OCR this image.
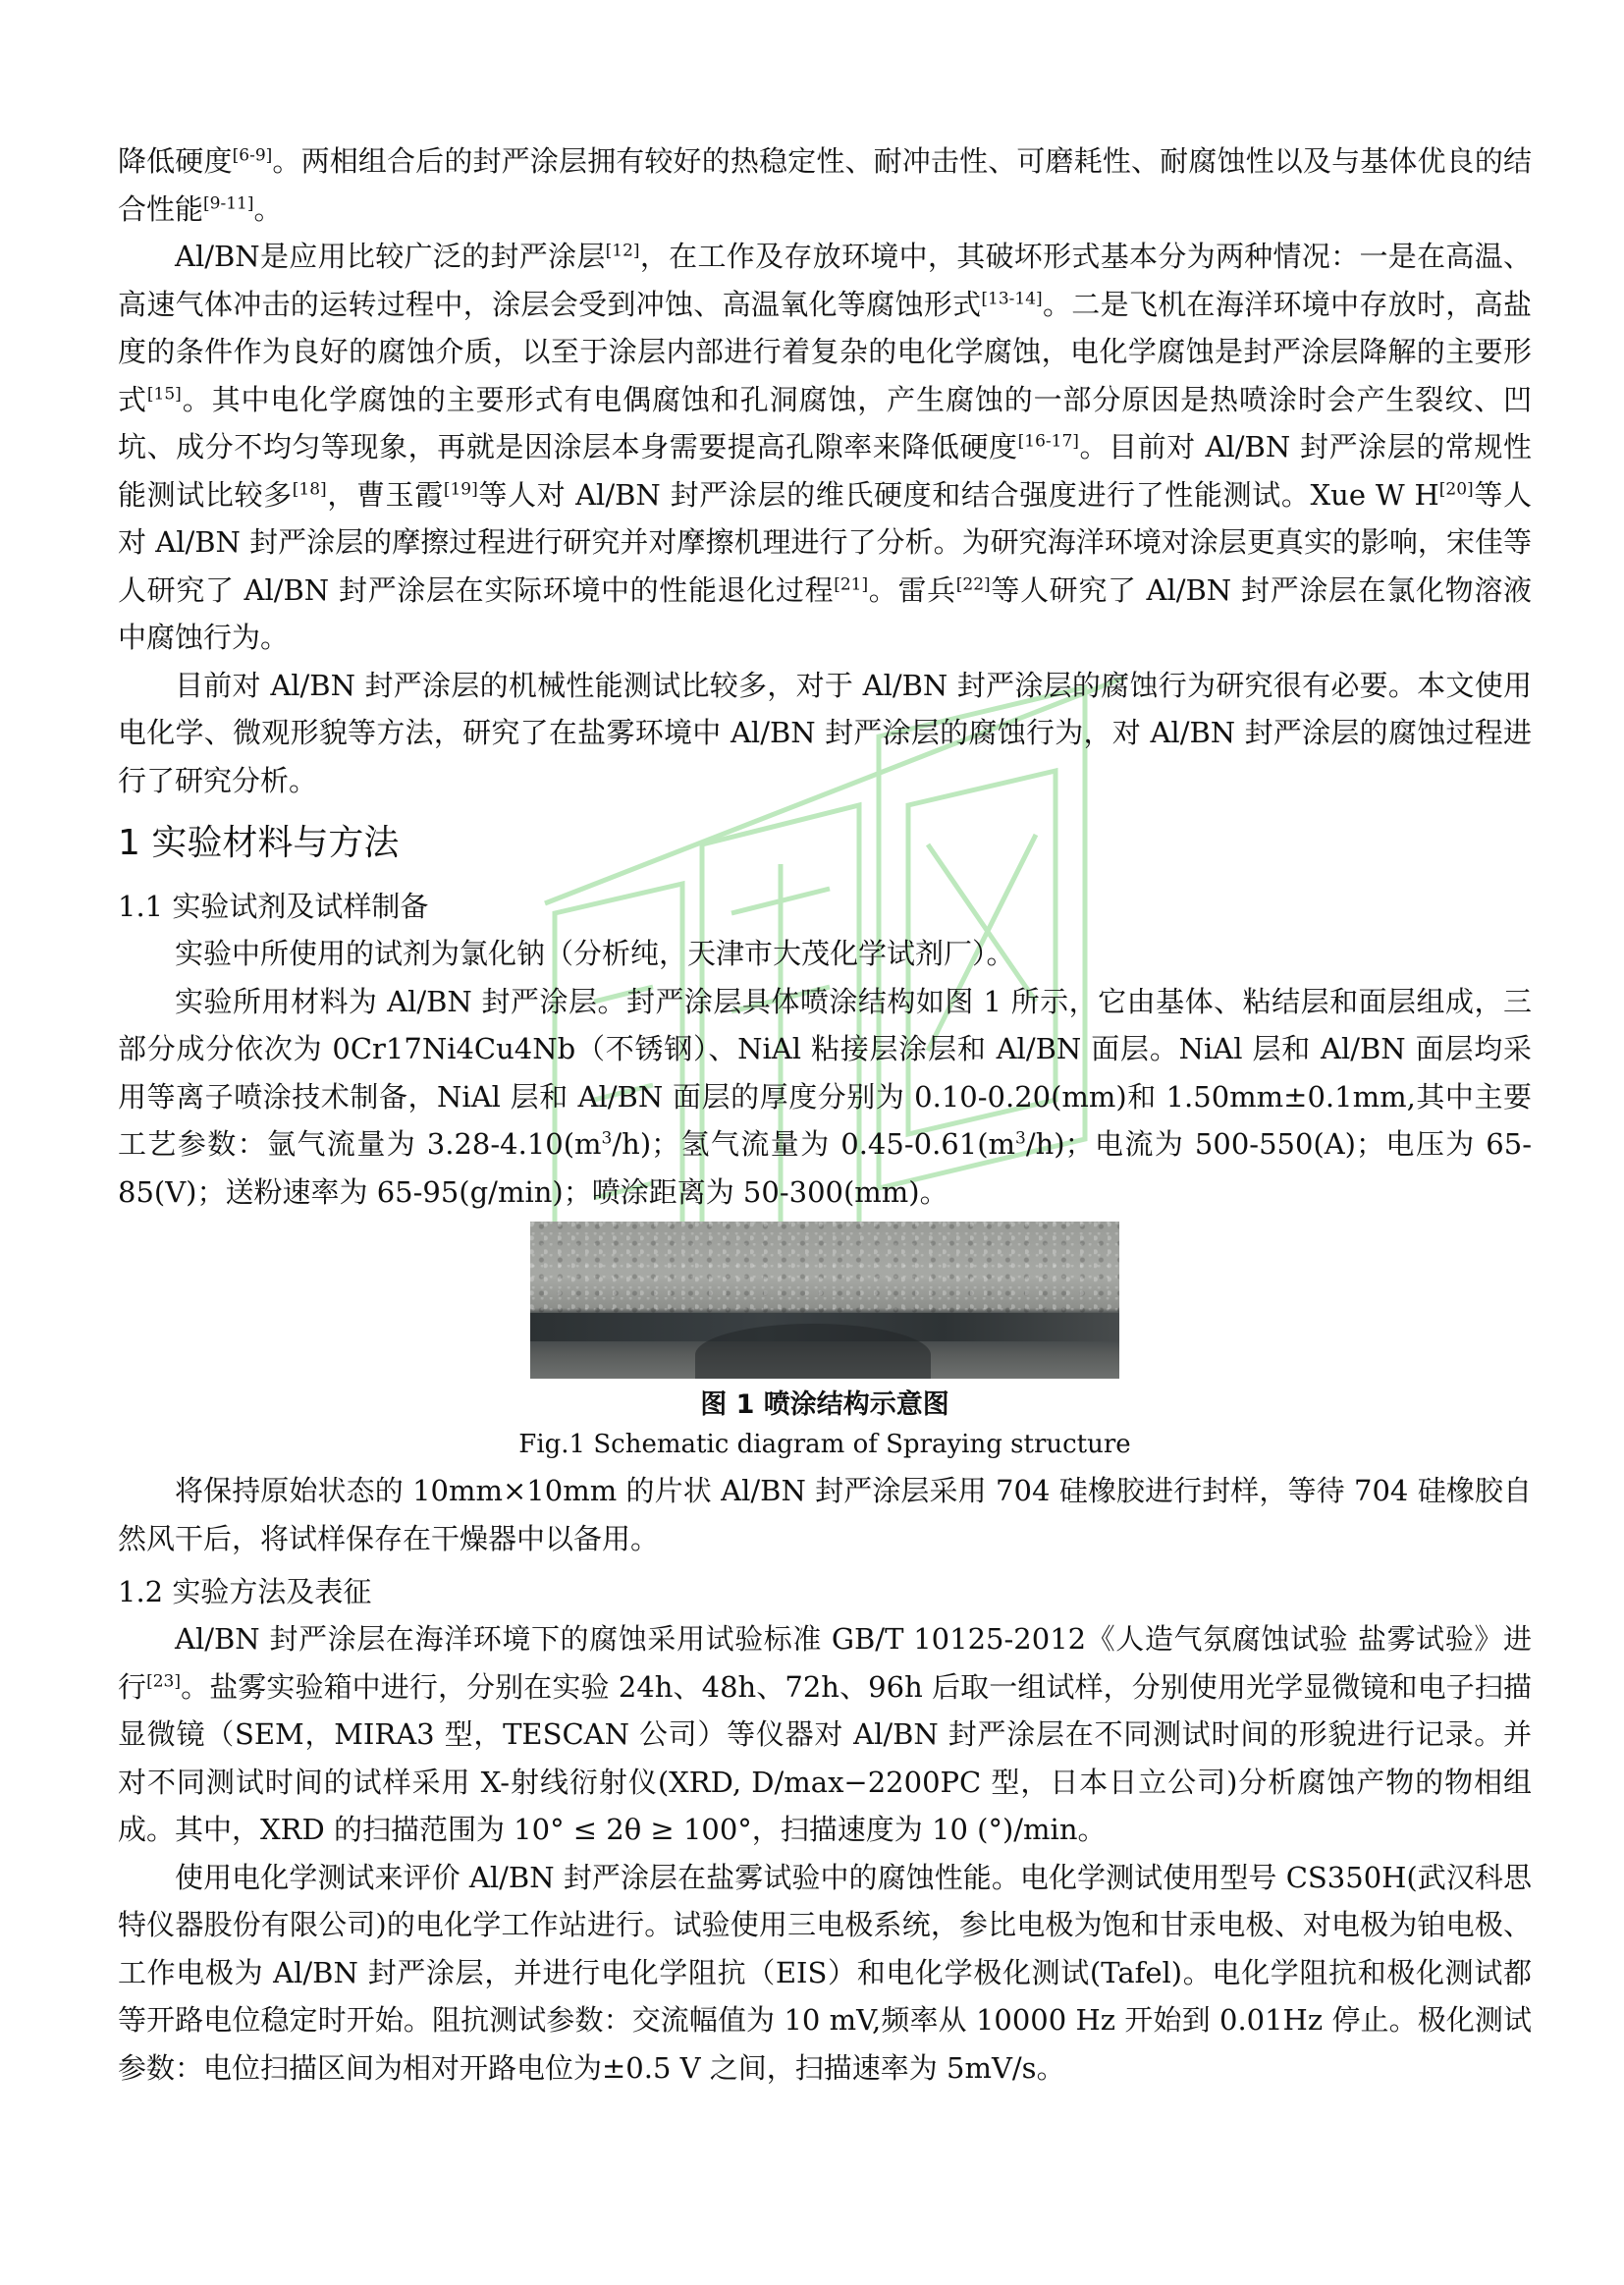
降低硬度[6-9]。两相组合后的封严涂层拥有较好的热稳定性、耐冲击性、可磨耗性、耐腐蚀性以及与基体优良的结合性能[9-11]。

Al/BN是应用比较广泛的封严涂层[12]，在工作及存放环境中，其破坏形式基本分为两种情况：一是在高温、高速气体冲击的运转过程中，涂层会受到冲蚀、高温氧化等腐蚀形式[13-14]。二是飞机在海洋环境中存放时，高盐度的条件作为良好的腐蚀介质，以至于涂层内部进行着复杂的电化学腐蚀，电化学腐蚀是封严涂层降解的主要形式[15]。其中电化学腐蚀的主要形式有电偶腐蚀和孔洞腐蚀，产生腐蚀的一部分原因是热喷涂时会产生裂纹、凹坑、成分不均匀等现象，再就是因涂层本身需要提高孔隙率来降低硬度[16-17]。目前对 Al/BN 封严涂层的常规性能测试比较多[18]，曹玉霞[19]等人对 Al/BN 封严涂层的维氏硬度和结合强度进行了性能测试。Xue W H[20]等人对 Al/BN 封严涂层的摩擦过程进行研究并对摩擦机理进行了分析。为研究海洋环境对涂层更真实的影响，宋佳等人研究了 Al/BN 封严涂层在实际环境中的性能退化过程[21]。雷兵[22]等人研究了 Al/BN 封严涂层在氯化物溶液中腐蚀行为。

目前对 Al/BN 封严涂层的机械性能测试比较多，对于 Al/BN 封严涂层的腐蚀行为研究很有必要。本文使用电化学、微观形貌等方法，研究了在盐雾环境中 Al/BN 封严涂层的腐蚀行为，对 Al/BN 封严涂层的腐蚀过程进行了研究分析。

1 实验材料与方法
1.1 实验试剂及试样制备

实验中所使用的试剂为氯化钠（分析纯，天津市大茂化学试剂厂）。

实验所用材料为 Al/BN 封严涂层。封严涂层具体喷涂结构如图 1 所示，它由基体、粘结层和面层组成，三部分成分依次为 0Cr17Ni4Cu4Nb（不锈钢）、NiAl 粘接层涂层和 Al/BN 面层。NiAl 层和 Al/BN 面层均采用等离子喷涂技术制备，NiAl 层和 Al/BN 面层的厚度分别为 0.10-0.20(mm)和 1.50mm±0.1mm,其中主要工艺参数：氩气流量为 $3.28-4.10(m^3/h)$；氢气流量为 $0.45-0.61(m^3/h)$；电流为 500-550(A)；电压为 65-85(V)；送粉速率为 65-95(g/min)；喷涂距离为 50-300(mm)。

图 1 喷涂结构示意图

Fig.1 Schematic diagram of Spraying structure

将保持原始状态的 10mm×10mm 的片状 Al/BN 封严涂层采用 704 硅橡胶进行封样，等待 704 硅橡胶自然风干后，将试样保存在干燥器中以备用。

1.2 实验方法及表征

Al/BN 封严涂层在海洋环境下的腐蚀采用试验标准 GB/T 10125-2012《人造气氛腐蚀试验 盐雾试验》进行[23]。盐雾实验箱中进行，分别在实验 24h、48h、72h、96h 后取一组试样，分别使用光学显微镜和电子扫描显微镜（SEM，MIRA3 型，TESCAN 公司）等仪器对 Al/BN 封严涂层在不同测试时间的形貌进行记录。并对不同测试时间的试样采用 X-射线衍射仪(XRD, D/max−2200PC 型，日本日立公司)分析腐蚀产物的物相组成。其中，XRD 的扫描范围为 10° ≤ 2θ ≥ 100°，扫描速度为 10 (°)/min。

使用电化学测试来评价 Al/BN 封严涂层在盐雾试验中的腐蚀性能。电化学测试使用型号 CS350H(武汉科思特仪器股份有限公司)的电化学工作站进行。试验使用三电极系统，参比电极为饱和甘汞电极、对电极为铂电极、工作电极为 Al/BN 封严涂层，并进行电化学阻抗（EIS）和电化学极化测试(Tafel)。电化学阻抗和极化测试都等开路电位稳定时开始。阻抗测试参数：交流幅值为 10 mV,频率从 10000 Hz 开始到 0.01Hz 停止。极化测试参数：电位扫描区间为相对开路电位为±0.5 V 之间，扫描速率为 5mV/s。
